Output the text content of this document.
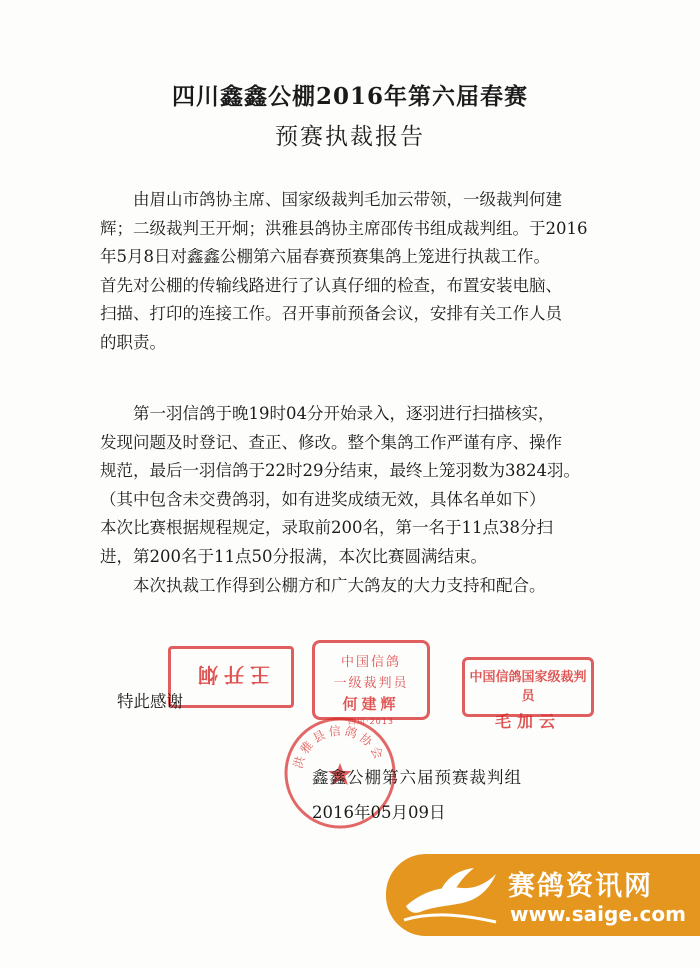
四川鑫鑫公棚2016年第六届春赛
预赛执裁报告

由眉山市鸽协主席、国家级裁判毛加云带领，一级裁判何建

辉；二级裁判王开炯；洪雅县鸽协主席邵传书组成裁判组。于2016

年5月8日对鑫鑫公棚第六届春赛预赛集鸽上笼进行执裁工作。

首先对公棚的传输线路进行了认真仔细的检查，布置安装电脑、

扫描、打印的连接工作。召开事前预备会议，安排有关工作人员

的职责。

第一羽信鸽于晚19时04分开始录入，逐羽进行扫描核实，

发现问题及时登记、查正、修改。整个集鸽工作严谨有序、操作

规范，最后一羽信鸽于22时29分结束，最终上笼羽数为3824羽。

（其中包含未交费鸽羽，如有进奖成绩无效，具体名单如下）

本次比赛根据规程规定，录取前200名，第一名于11点38分扫

进，第200名于11点50分报满，本次比赛圆满结束。

本次执裁工作得到公棚方和广大鸽友的大力支持和配合。

王开炯
中国信鸽
一级裁判员
何建辉
四川·2013
中国信鸽国家级裁判员
毛加云
特此感谢
洪雅县信鸽协会
鑫鑫公棚第六届预赛裁判组
2016年05月09日
赛鸽资讯网
www.saige.com
